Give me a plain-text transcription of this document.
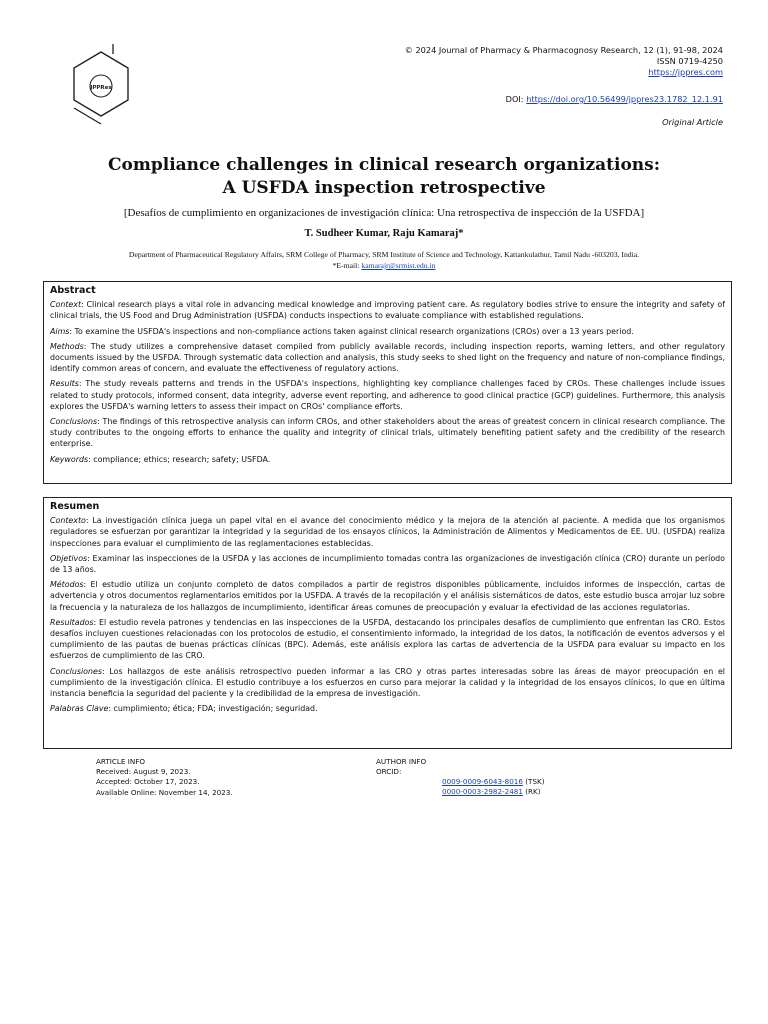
JPPRes
© 2024 Journal of Pharmacy & Pharmacognosy Research, 12 (1), 91-98, 2024
ISSN 0719-4250
https://jppres.com
DOI: https://doi.org/10.56499/jppres23.1782_12.1.91
Original Article
Compliance challenges in clinical research organizations:
A USFDA inspection retrospective
[Desafíos de cumplimiento en organizaciones de investigación clínica: Una retrospectiva de inspección de la USFDA]
T. Sudheer Kumar, Raju Kamaraj*
Department of Pharmaceutical Regulatory Affairs, SRM College of Pharmacy, SRM Institute of Science and Technology, Kattankulathur, Tamil Nadu -603203, India.
*E-mail: kamarajr@srmist.edu.in
Abstract

Context: Clinical research plays a vital role in advancing medical knowledge and improving patient care. As regulatory bodies strive to ensure the integrity and safety of clinical trials, the US Food and Drug Administration (USFDA) conducts inspections to evaluate compliance with established regulations.

Aims: To examine the USFDA's inspections and non-compliance actions taken against clinical research organizations (CROs) over a 13 years period.

Methods: The study utilizes a comprehensive dataset compiled from publicly available records, including inspection reports, warning letters, and other regulatory documents issued by the USFDA. Through systematic data collection and analysis, this study seeks to shed light on the frequency and nature of non-compliance findings, identify common areas of concern, and evaluate the effectiveness of regulatory actions.

Results: The study reveals patterns and trends in the USFDA's inspections, highlighting key compliance challenges faced by CROs. These challenges include issues related to study protocols, informed consent, data integrity, adverse event reporting, and adherence to good clinical practice (GCP) guidelines. Furthermore, this analysis explores the USFDA's warning letters to assess their impact on CROs' compliance efforts.

Conclusions: The findings of this retrospective analysis can inform CROs, and other stakeholders about the areas of greatest concern in clinical research compliance. The study contributes to the ongoing efforts to enhance the quality and integrity of clinical trials, ultimately benefiting patient safety and the credibility of the research enterprise.

Keywords: compliance; ethics; research; safety; USFDA.

Resumen

Contexto: La investigación clínica juega un papel vital en el avance del conocimiento médico y la mejora de la atención al paciente. A medida que los organismos reguladores se esfuerzan por garantizar la integridad y la seguridad de los ensayos clínicos, la Administración de Alimentos y Medicamentos de EE. UU. (USFDA) realiza inspecciones para evaluar el cumplimiento de las reglamentaciones establecidas.

Objetivos: Examinar las inspecciones de la USFDA y las acciones de incumplimiento tomadas contra las organizaciones de investigación clínica (CRO) durante un período de 13 años.

Métodos: El estudio utiliza un conjunto completo de datos compilados a partir de registros disponibles públicamente, incluidos informes de inspección, cartas de advertencia y otros documentos reglamentarios emitidos por la USFDA. A través de la recopilación y el análisis sistemáticos de datos, este estudio busca arrojar luz sobre la frecuencia y la naturaleza de los hallazgos de incumplimiento, identificar áreas comunes de preocupación y evaluar la efectividad de las acciones regulatorias.

Resultados: El estudio revela patrones y tendencias en las inspecciones de la USFDA, destacando los principales desafíos de cumplimiento que enfrentan las CRO. Estos desafíos incluyen cuestiones relacionadas con los protocolos de estudio, el consentimiento informado, la integridad de los datos, la notificación de eventos adversos y el cumplimiento de las pautas de buenas prácticas clínicas (BPC). Además, este análisis explora las cartas de advertencia de la USFDA para evaluar su impacto en los esfuerzos de cumplimiento de las CRO.

Conclusiones: Los hallazgos de este análisis retrospectivo pueden informar a las CRO y otras partes interesadas sobre las áreas de mayor preocupación en el cumplimiento de la investigación clínica. El estudio contribuye a los esfuerzos en curso para mejorar la calidad y la integridad de los ensayos clínicos, lo que en última instancia beneficia la seguridad del paciente y la credibilidad de la empresa de investigación.

Palabras Clave: cumplimiento; ética; FDA; investigación; seguridad.

ARTICLE INFO
Received: August 9, 2023.
Accepted: October 17, 2023.
Available Online: November 14, 2023.
AUTHOR INFO
ORCID:
0009-0009-6043-8016 (TSK)
0000-0003-2982-2481 (RK)
